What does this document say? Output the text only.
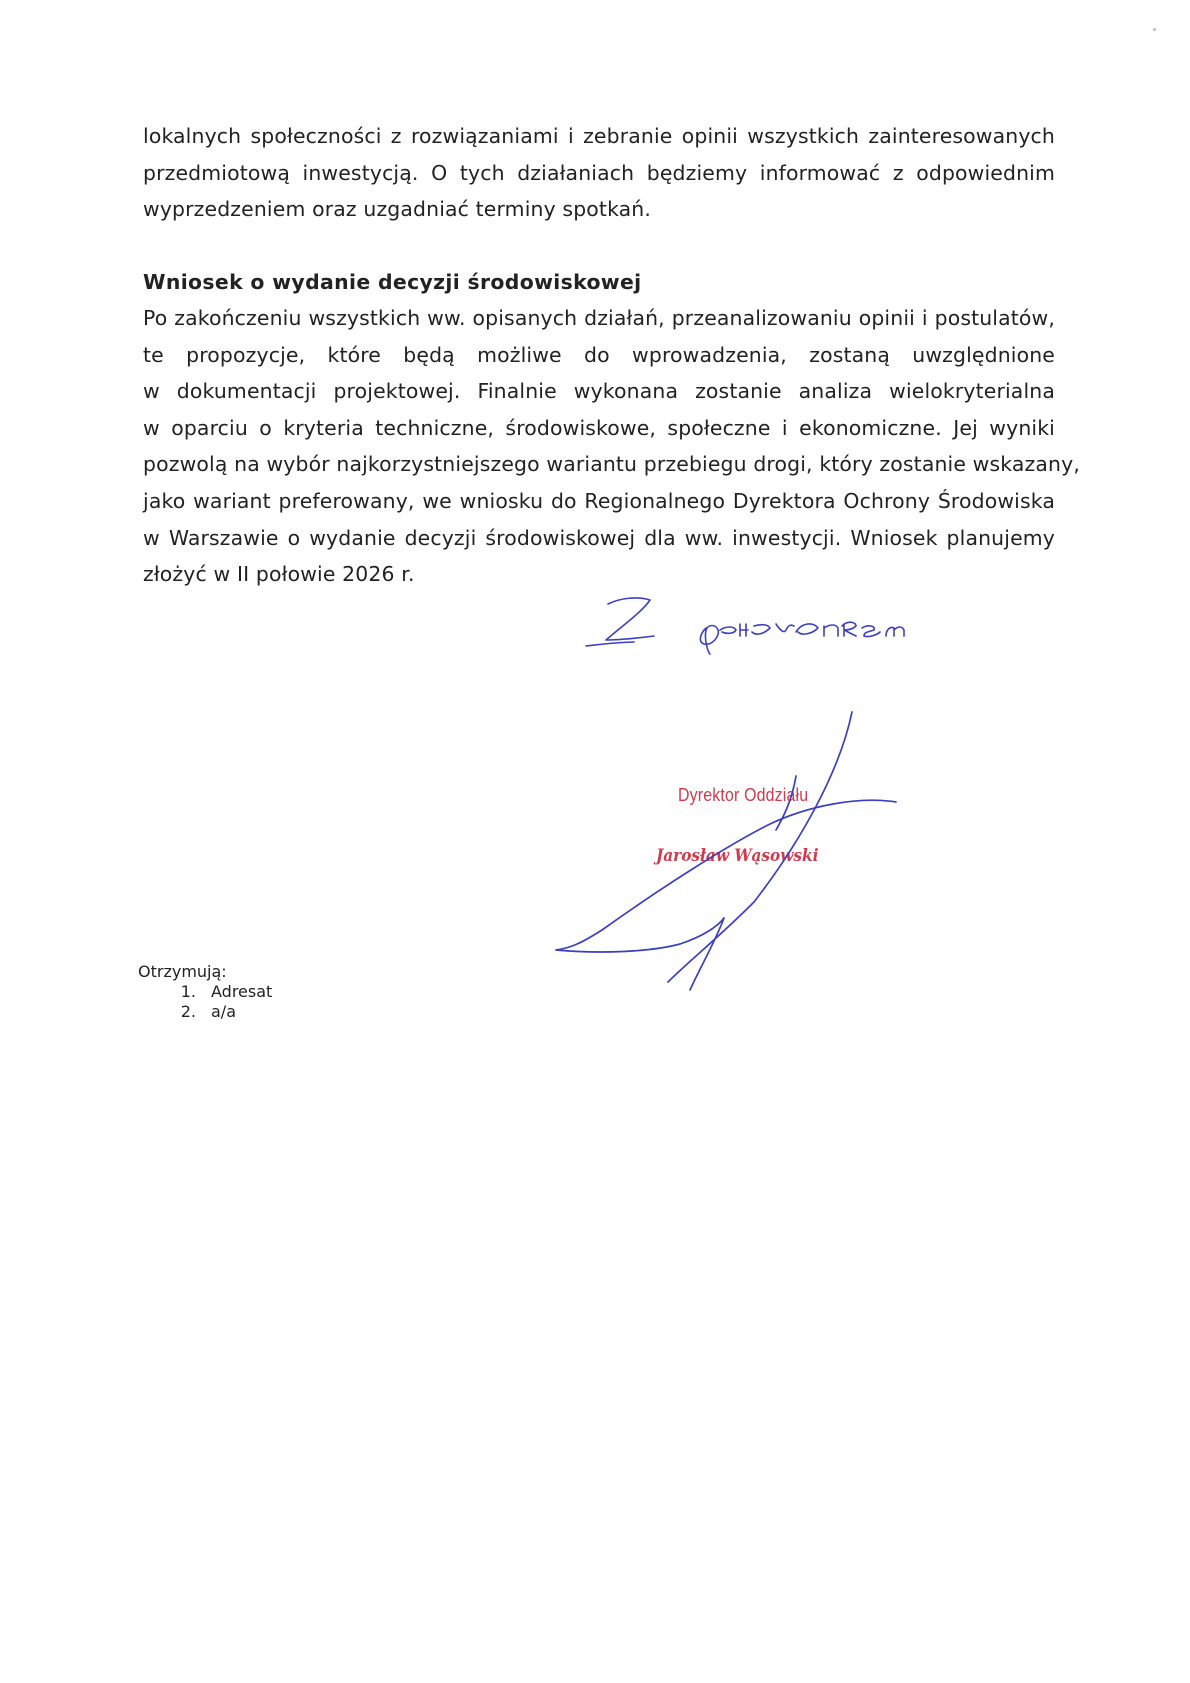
lokalnych społeczności z rozwiązaniami i zebranie opinii wszystkich zainteresowanych
przedmiotową inwestycją. O tych działaniach będziemy informować z odpowiednim
wyprzedzeniem oraz uzgadniać terminy spotkań.
Wniosek o wydanie decyzji środowiskowej
Po zakończeniu wszystkich ww. opisanych działań, przeanalizowaniu opinii i postulatów,
te propozycje, które będą możliwe do wprowadzenia, zostaną uwzględnione
w dokumentacji projektowej. Finalnie wykonana zostanie analiza wielokryterialna
w oparciu o kryteria techniczne, środowiskowe, społeczne i ekonomiczne. Jej wyniki
pozwolą na wybór najkorzystniejszego wariantu przebiegu drogi, który zostanie wskazany,
jako wariant preferowany, we wniosku do Regionalnego Dyrektora Ochrony Środowiska
w Warszawie o wydanie decyzji środowiskowej dla ww. inwestycji. Wniosek planujemy
złożyć w II połowie 2026 r.
Dyrektor Oddziału
Jarosław Wąsowski
Otrzymują:
1. Adresat
2. a/a
